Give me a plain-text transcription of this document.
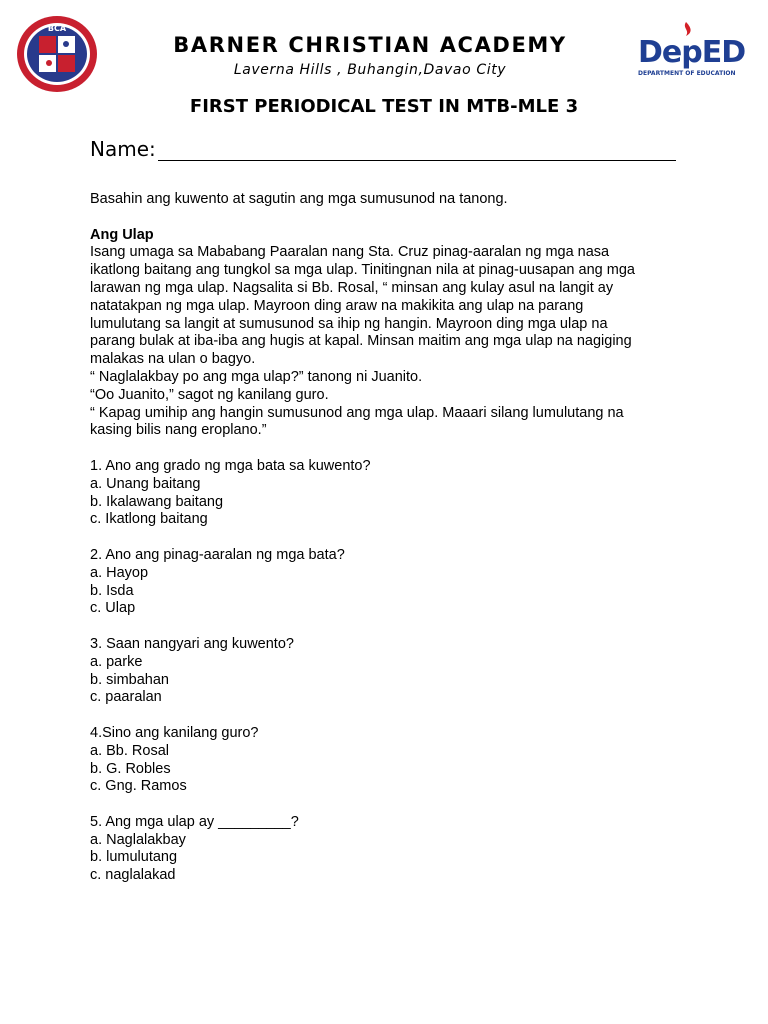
BCA
BARNER CHRISTIAN ACADEMY
Laverna Hills , Buhangin,Davao City	DepED
DEPARTMENT OF EDUCATION
FIRST PERIODICAL TEST IN MTB-MLE 3
Name:

Basahin ang kuwento at sagutin ang mga sumusunod na tanong.

Ang Ulap

Isang umaga sa Mababang Paaralan nang Sta. Cruz pinag-aaralan ng mga nasa

ikatlong baitang ang tungkol sa mga ulap. Tinitingnan nila at pinag-uusapan ang mga

larawan ng mga ulap. Nagsalita si Bb. Rosal, “ minsan ang kulay asul na langit ay

natatakpan ng mga ulap. Mayroon ding araw na makikita ang ulap na parang

lumulutang sa langit at sumusunod sa ihip ng hangin. Mayroon ding mga ulap na

parang bulak at iba-iba ang hugis at kapal. Minsan maitim ang mga ulap na nagiging

malakas na ulan o bagyo.

“ Naglalakbay po ang mga ulap?” tanong ni Juanito.

“Oo Juanito,” sagot ng kanilang guro.

“ Kapag umihip ang hangin sumusunod ang mga ulap. Maaari silang lumulutang na

kasing bilis nang eroplano.”

1. Ano ang grado ng mga bata sa kuwento?

a. Unang baitang

b. Ikalawang baitang

c. Ikatlong baitang

2. Ano ang pinag-aaralan ng mga bata?

a. Hayop

b. Isda

c. Ulap

3. Saan nangyari ang kuwento?

a. parke

b. simbahan

c. paaralan

4.Sino ang kanilang guro?

a. Bb. Rosal

b. G. Robles

c. Gng. Ramos

5. Ang mga ulap ay _________?

a. Naglalakbay

b. lumulutang

c. naglalakad
